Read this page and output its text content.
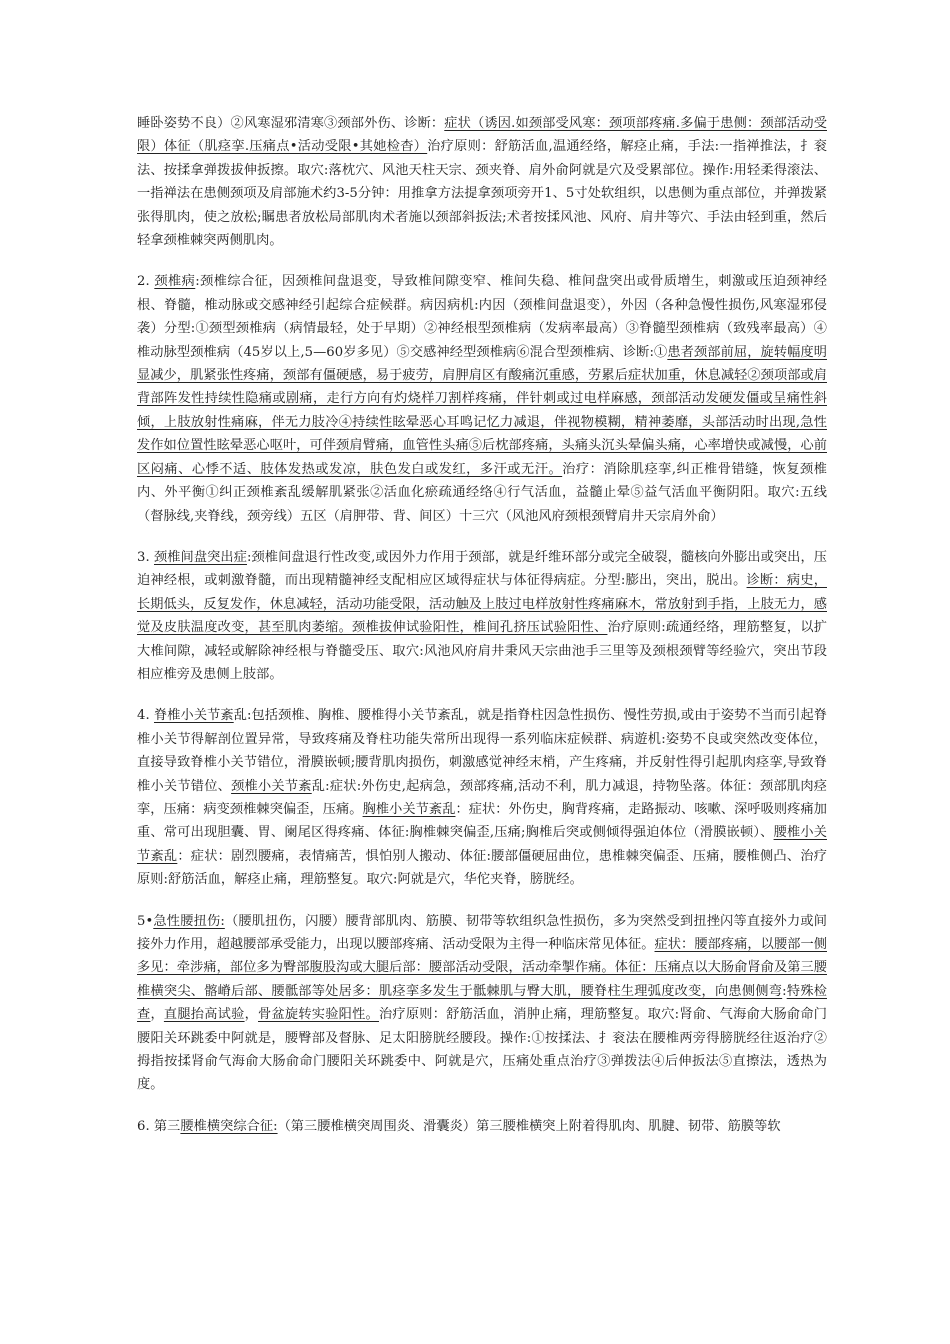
睡卧姿势不良）②风寒湿邪清寒③颈部外伤、诊断：症状（诱因.如颈部受风寒：颈项部疼痛.多偏于患侧：颈部活动受限）体征（肌痉挛.压痛点•活动受限•其她检杳）治疗原则：舒筋活血,温通经络，解痉止痛，手法:一指禅推法，扌衮法、按揉拿弹拨拔伸扳擦。取穴:落枕穴、风池天柱天宗、颈夹脊、肩外俞阿就是穴及受累部位。操作:用轻柔得滚法、一指禅法在患侧颈项及肩部施术约3-5分钟：用推拿方法提拿颈项旁开1、5寸处软组织，以患侧为重点部位，并弹拨紧张得肌肉，使之放松;瞩患者放松局部肌肉术者施以颈部斜扳法;术者按揉风池、风府、肩井等穴、手法由轻到重，然后轻拿颈椎棘突两侧肌肉。

2. 颈椎病:颈椎综合征，因颈椎间盘退变，导致椎间隙变窄、椎间失稳、椎间盘突出或骨质增生，刺激或压迫颈神经根、脊髓，椎动脉或交感神经引起综合症候群。病因病机:内因（颈椎间盘退变），外因（各种急慢性损伤,风寒湿邪侵袭）分型:①颈型颈椎病（病情最轻，处于早期）②神经根型颈椎病（发病率最高）③脊髓型颈椎病（致残率最高）④椎动脉型颈椎病（45岁以上,5—60岁多见）⑤交感神经型颈椎病⑥混合型颈椎病、诊断:①患者颈部前屈，旋转幅度明显减少，肌紧张性疼痛，颈部有僵硬感，易于疲劳，肩胛肩区有酸痛沉重感，劳累后症状加重，休息减轻②颈项部或肩背部阵发性持续性隐痛或剧痛，走行方向有灼烧样刀割样疼痛，伴针刺或过电样麻感，颈部活动发硬发僵或呈痛性斜倾，上肢放射性痛麻，伴无力肢冷④持续性眩晕恶心耳鸣记忆力减退，伴视物模糊，精神萎靡，头部活动时出现,急性发作如位置性眩晕恶心呕叶，可伴颈肩臂痛，血管性头痛⑤后枕部疼痛，头痛头沉头晕偏头痛，心率增快或减慢，心前区闷痛、心悸不适、肢体发热或发凉，肤色发白或发红，多汗或无汗。治疗：消除肌痉挛,纠正椎骨错缝，恢复颈椎内、外平衡①纠正颈椎紊乱缓解肌紧张②活血化瘀疏通经络④行气活血，益髓止晕⑤益气活血平衡阴阳。取穴:五线（督脉线,夹脊线，颈旁线）五区（肩胛带、背、间区）十三穴（风池风府颈根颈臂肩井天宗肩外俞）

3. 颈椎间盘突出症:颈椎间盘退行性改变,或因外力作用于颈部，就是纤维环部分或完全破裂，髓核向外膨出或突出，压迫神经根，或刺激脊髓，而出现精髓神经支配相应区域得症状与体征得病症。分型:膨出，突出，脱出。诊断：病史，长期低头，反复发作，休息减轻，活动功能受限，活动触及上肢过电样放射性疼痛麻木，常放射到手指，上肢无力，感觉及皮肤温度改变，甚至肌肉萎缩。颈椎拔伸试验阳性，椎间孔挤压试验阳性、治疗原则:疏通经络，理筋整复，以扩大椎间隙，减轻或解除神经根与脊髓受压、取穴:风池风府肩井秉风天宗曲池手三里等及颈根颈臂等经验穴，突出节段相应椎旁及患侧上肢部。

4. 脊椎小关节紊乱:包括颈椎、胸椎、腰椎得小关节紊乱，就是指脊柱因急性损伤、慢性劳损,或由于姿势不当而引起脊椎小关节得解剖位置异常，导致疼痛及脊柱功能失常所出现得一系列临床症候群、病遊机:姿势不良或突然改变体位，直接导致脊椎小关节错位，滑膜嵌顿;腰背肌肉损伤，刺激感觉神经末梢，产生疼痛，并反射性得引起肌肉痉挛,导致脊椎小关节错位、颈椎小关节紊乱:症状:外伤史,起病急，颈部疼痛,活动不利，肌力减退，持物坠落。体征：颈部肌肉痉挛，压痛：病变颈椎棘突偏歪，压痛。胸椎小关节紊乱：症状：外伤史，胸背疼痛，走路振动、咳嗽、深呼吸则疼痛加重、常可出现胆囊、胃、阑尾区得疼痛、体征:胸椎棘突偏歪,压痛;胸椎后突或侧倾得强迫体位（滑膜嵌顿）、腰椎小关节紊乱：症状：剧烈腰痛，表情痛苦，惧怕别人搬动、体征:腰部僵硬屈曲位，患椎棘突偏歪、压痛，腰椎侧凸、治疗原则:舒筋活血，解痉止痛，理筋整复。取穴:阿就是穴，华佗夹脊，膀胱经。

5•急性腰扭伤:（腰肌扭伤，闪腰）腰背部肌肉、筋膜、韧带等软组织急性损伤，多为突然受到扭挫闪等直接外力或间接外力作用，超越腰部承受能力，出现以腰部疼痛、活动受限为主得一种临床常见体征。症状：腰部疼痛，以腰部一侧多见：牵涉痛，部位多为臀部腹股沟或大腿后部：腰部活动受限，活动牵掣作痛。体征：压痛点以大肠俞肾俞及第三腰椎横突尖、髂嵴后部、腰骶部等处居多：肌痉挛多发生于骶棘肌与臀大肌，腰脊柱生理弧度改变，向患侧侧弯:特殊检查，直腿抬高试验，骨盆旋转实验阳性。治疗原则：舒筋活血，消肿止痛，理筋整复。取穴:肾俞、气海俞大肠俞命门腰阳关环跳委中阿就是，腰臀部及督脉、足太阳膀胱经腰段。操作:①按揉法、扌衮法在腰椎两旁得膀胱经往返治疗②拇指按揉肾俞气海俞大肠俞命门腰阳关环跳委中、阿就是穴，压痛处重点治疗③弹拨法④后伸扳法⑤直擦法，透热为度。

6. 第三腰椎横突综合征:（第三腰椎横突周围炎、滑囊炎）第三腰椎横突上附着得肌肉、肌腱、韧带、筋膜等软
